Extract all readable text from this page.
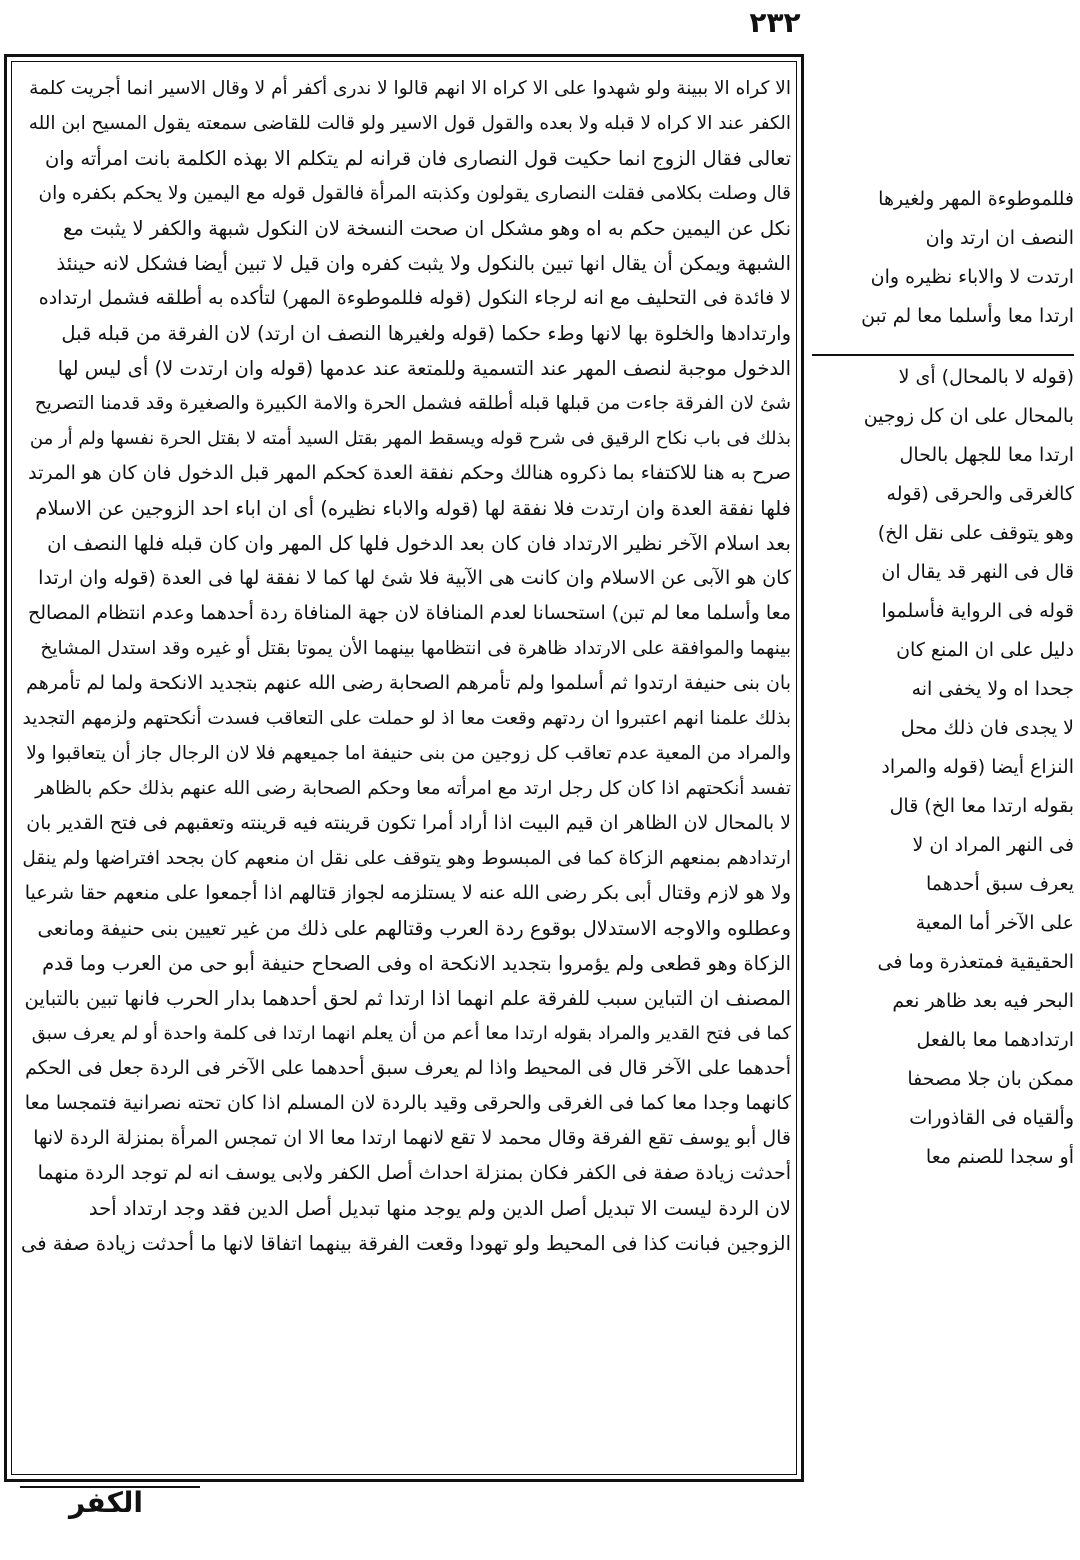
٢٣٢
الا كراه الا ببينة ولو شهدوا على الا كراه الا انهم قالوا لا ندرى أكفر أم لا وقال الاسير انما أجريت كلمة
الكفر عند الا كراه لا قبله ولا بعده والقول قول الاسير ولو قالت للقاضى سمعته يقول المسيح ابن الله
تعالى فقال الزوج انما حكيت قول النصارى فان قرانه لم يتكلم الا بهذه الكلمة بانت امرأته وان
قال وصلت بكلامى فقلت النصارى يقولون وكذبته المرأة فالقول قوله مع اليمين ولا يحكم بكفره وان
نكل عن اليمين حكم به اه وهو مشكل ان صحت النسخة لان النكول شبهة والكفر لا يثبت مع
الشبهة ويمكن أن يقال انها تبين بالنكول ولا يثبت كفره وان قيل لا تبين أيضا فشكل لانه حينئذ
لا فائدة فى التحليف مع انه لرجاء النكول (قوله فللموطوءة المهر) لتأكده به أطلقه فشمل ارتداده
وارتدادها والخلوة بها لانها وطء حكما (قوله ولغيرها النصف ان ارتد) لان الفرقة من قبله قبل
الدخول موجبة لنصف المهر عند التسمية وللمتعة عند عدمها (قوله وان ارتدت لا) أى ليس لها
شئ لان الفرقة جاءت من قبلها قبله أطلقه فشمل الحرة والامة الكبيرة والصغيرة وقد قدمنا التصريح
بذلك فى باب نكاح الرقيق فى شرح قوله ويسقط المهر بقتل السيد أمته لا بقتل الحرة نفسها ولم أر من
صرح به هنا للاكتفاء بما ذكروه هنالك وحكم نفقة العدة كحكم المهر قبل الدخول فان كان هو المرتد
فلها نفقة العدة وان ارتدت فلا نفقة لها (قوله والاباء نظيره) أى ان اباء احد الزوجين عن الاسلام
بعد اسلام الآخر نظير الارتداد فان كان بعد الدخول فلها كل المهر وان كان قبله فلها النصف ان
كان هو الآبى عن الاسلام وان كانت هى الآبية فلا شئ لها كما لا نفقة لها فى العدة (قوله وان ارتدا
معا وأسلما معا لم تبن) استحسانا لعدم المنافاة لان جهة المنافاة ردة أحدهما وعدم انتظام المصالح
بينهما والموافقة على الارتداد ظاهرة فى انتظامها بينهما الأن يموتا بقتل أو غيره وقد استدل المشايخ
بان بنى حنيفة ارتدوا ثم أسلموا ولم تأمرهم الصحابة رضى الله عنهم بتجديد الانكحة ولما لم تأمرهم
بذلك علمنا انهم اعتبروا ان ردتهم وقعت معا اذ لو حملت على التعاقب فسدت أنكحتهم ولزمهم التجديد
والمراد من المعية عدم تعاقب كل زوجين من بنى حنيفة اما جميعهم فلا لان الرجال جاز أن يتعاقبوا ولا
تفسد أنكحتهم اذا كان كل رجل ارتد مع امرأته معا وحكم الصحابة رضى الله عنهم بذلك حكم بالظاهر
لا بالمحال لان الظاهر ان قيم البيت اذا أراد أمرا تكون قرينته فيه قرينته وتعقبهم فى فتح القدير بان
ارتدادهم بمنعهم الزكاة كما فى المبسوط وهو يتوقف على نقل ان منعهم كان بجحد افتراضها ولم ينقل
ولا هو لازم وقتال أبى بكر رضى الله عنه لا يستلزمه لجواز قتالهم اذا أجمعوا على منعهم حقا شرعيا
وعطلوه والاوجه الاستدلال بوقوع ردة العرب وقتالهم على ذلك من غير تعيين بنى حنيفة ومانعى
الزكاة وهو قطعى ولم يؤمروا بتجديد الانكحة اه وفى الصحاح حنيفة أبو حى من العرب وما قدم
المصنف ان التباين سبب للفرقة علم انهما اذا ارتدا ثم لحق أحدهما بدار الحرب فانها تبين بالتباين
كما فى فتح القدير والمراد بقوله ارتدا معا أعم من أن يعلم انهما ارتدا فى كلمة واحدة أو لم يعرف سبق
أحدهما على الآخر قال فى المحيط واذا لم يعرف سبق أحدهما على الآخر فى الردة جعل فى الحكم
كانهما وجدا معا كما فى الغرقى والحرقى وقيد بالردة لان المسلم اذا كان تحته نصرانية فتمجسا معا
قال أبو يوسف تقع الفرقة وقال محمد لا تقع لانهما ارتدا معا الا ان تمجس المرأة بمنزلة الردة لانها
أحدثت زيادة صفة فى الكفر فكان بمنزلة احداث أصل الكفر ولابى يوسف انه لم توجد الردة منهما
لان الردة ليست الا تبديل أصل الدين ولم يوجد منها تبديل أصل الدين فقد وجد ارتداد أحد
الزوجين فبانت كذا فى المحيط ولو تهودا وقعت الفرقة بينهما اتفاقا لانها ما أحدثت زيادة صفة فى
فللموطوءة المهر ولغيرها
النصف ان ارتد وان
ارتدت لا والاباء نظيره وان
ارتدا معا وأسلما معا لم تبن
(قوله لا بالمحال) أى لا
بالمحال على ان كل زوجين
ارتدا معا للجهل بالحال
كالغرقى والحرقى (قوله
وهو يتوقف على نقل الخ)
قال فى النهر قد يقال ان
قوله فى الرواية فأسلموا
دليل على ان المنع كان
جحدا اه ولا يخفى انه
لا يجدى فان ذلك محل
النزاع أيضا (قوله والمراد
بقوله ارتدا معا الخ) قال
فى النهر المراد ان لا
يعرف سبق أحدهما
على الآخر أما المعية
الحقيقية فمتعذرة وما فى
البحر فيه بعد ظاهر نعم
ارتدادهما معا بالفعل
ممكن بان جلا مصحفا
وألقياه فى القاذورات
أو سجدا للصنم معا
الكفر
